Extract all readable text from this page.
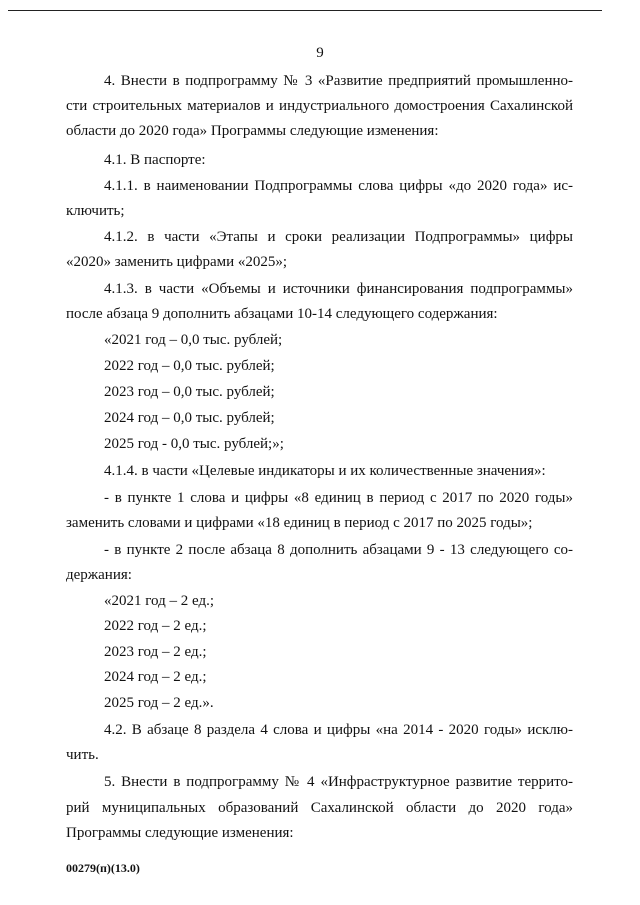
9
4. Внести в подпрограмму № 3 «Развитие предприятий промышленно-
сти строительных материалов и индустриального домостроения Сахалинской
области до 2020 года» Программы следующие изменения:
4.1. В паспорте:
4.1.1. в наименовании Подпрограммы слова цифры «до 2020 года» ис-
ключить;
4.1.2. в части «Этапы и сроки реализации Подпрограммы» цифры
«2020» заменить цифрами «2025»;
4.1.3. в части «Объемы и источники финансирования подпрограммы»
после абзаца 9 дополнить абзацами 10-14 следующего содержания:
«2021 год – 0,0 тыс. рублей;
2022 год – 0,0 тыс. рублей;
2023 год – 0,0 тыс. рублей;
2024 год – 0,0 тыс. рублей;
2025 год - 0,0 тыс. рублей;»;
4.1.4. в части «Целевые индикаторы и их количественные значения»:
- в пункте 1 слова и цифры «8 единиц в период с 2017 по 2020 годы»
заменить словами и цифрами «18 единиц в период с 2017 по 2025 годы»;
- в пункте 2 после абзаца 8 дополнить абзацами 9 - 13 следующего со-
держания:
«2021 год – 2 ед.;
2022 год – 2 ед.;
2023 год – 2 ед.;
2024 год – 2 ед.;
2025 год – 2 ед.».
4.2. В абзаце 8 раздела 4 слова и цифры «на 2014 - 2020 годы» исклю-
чить.
5. Внести в подпрограмму № 4 «Инфраструктурное развитие террито-
рий муниципальных образований Сахалинской области до 2020 года»
Программы следующие изменения:
00279(п)(13.0)
